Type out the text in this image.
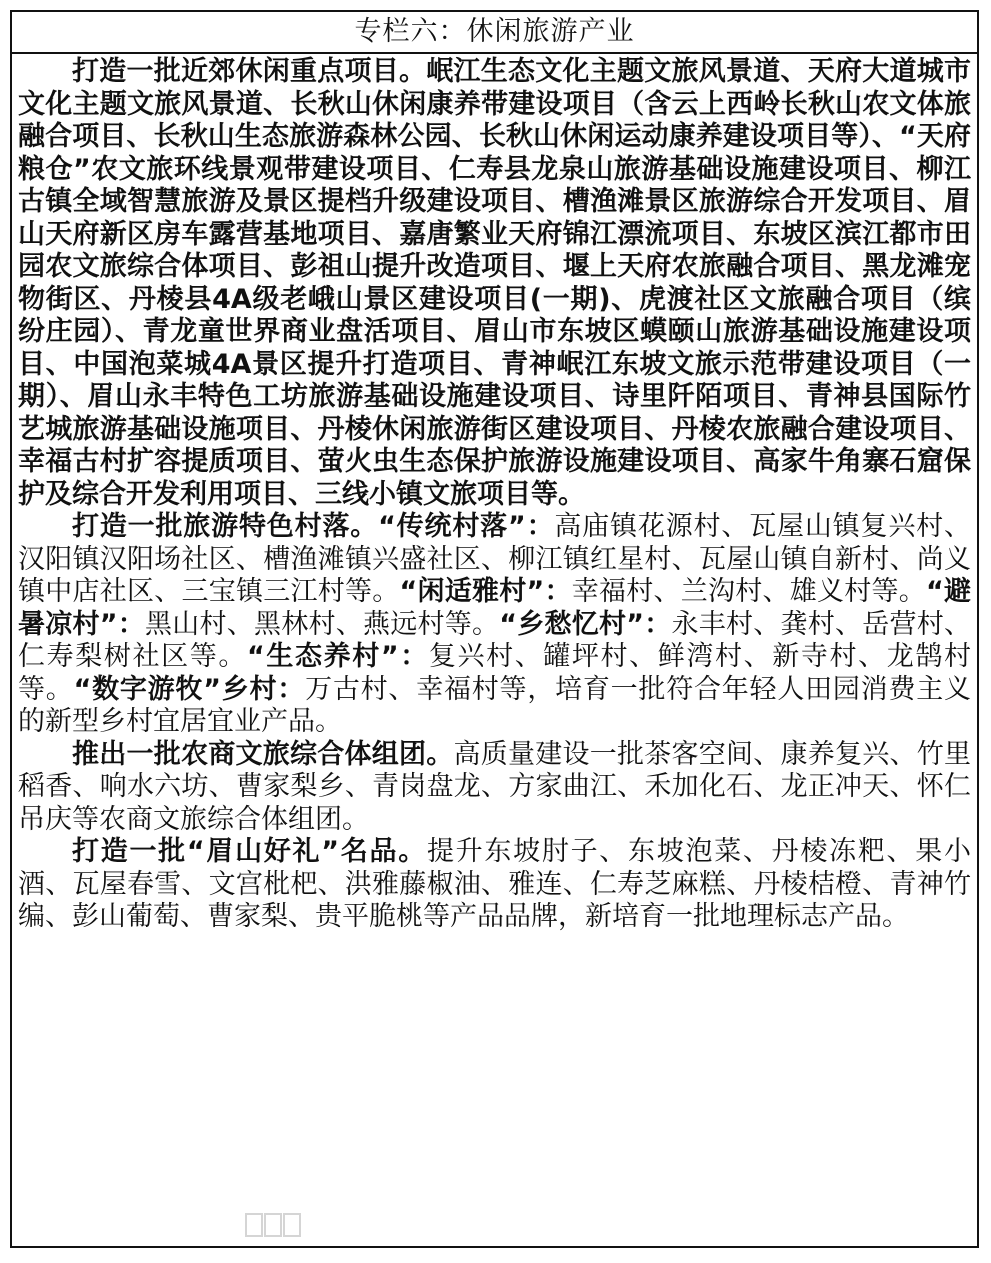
专栏六：休闲旅游产业

打造一批近郊休闲重点项目。岷江生态文化主题文旅风景道、天府大道城市文化主题文旅风景道、长秋山休闲康养带建设项目（含云上西岭长秋山农文体旅融合项目、长秋山生态旅游森林公园、长秋山休闲运动康养建设项目等）、“天府粮仓”农文旅环线景观带建设项目、仁寿县龙泉山旅游基础设施建设项目、柳江古镇全域智慧旅游及景区提档升级建设项目、槽渔滩景区旅游综合开发项目、眉山天府新区房车露营基地项目、嘉唐繁业天府锦江漂流项目、东坡区滨江都市田园农文旅综合体项目、彭祖山提升改造项目、堰上天府农旅融合项目、黑龙滩宠物街区、丹棱县4A级老峨山景区建设项目(一期)、虎渡社区文旅融合项目（缤纷庄园）、青龙童世界商业盘活项目、眉山市东坡区蟆颐山旅游基础设施建设项目、中国泡菜城4A景区提升打造项目、青神岷江东坡文旅示范带建设项目（一期）、眉山永丰特色工坊旅游基础设施建设项目、诗里阡陌项目、青神县国际竹艺城旅游基础设施项目、丹棱休闲旅游街区建设项目、丹棱农旅融合建设项目、幸福古村扩容提质项目、萤火虫生态保护旅游设施建设项目、高家牛角寨石窟保护及综合开发利用项目、三线小镇文旅项目等。

打造一批旅游特色村落。“传统村落”：高庙镇花源村、瓦屋山镇复兴村、汉阳镇汉阳场社区、槽渔滩镇兴盛社区、柳江镇红星村、瓦屋山镇自新村、尚义镇中店社区、三宝镇三江村等。“闲适雅村”：幸福村、兰沟村、雄义村等。“避暑凉村”：黑山村、黑林村、燕远村等。“乡愁忆村”：永丰村、龚村、岳营村、仁寿梨树社区等。“生态养村”：复兴村、罐坪村、鲜湾村、新寺村、龙鹄村等。“数字游牧”乡村：万古村、幸福村等，培育一批符合年轻人田园消费主义的新型乡村宜居宜业产品。

推出一批农商文旅综合体组团。高质量建设一批茶客空间、康养复兴、竹里稻香、响水六坊、曹家梨乡、青岗盘龙、方家曲江、禾加化石、龙正冲天、怀仁吊庆等农商文旅综合体组团。

打造一批“眉山好礼”名品。提升东坡肘子、东坡泡菜、丹棱冻粑、果小酒、瓦屋春雪、文宫枇杷、洪雅藤椒油、雅连、仁寿芝麻糕、丹棱桔橙、青神竹编、彭山葡萄、曹家梨、贵平脆桃等产品品牌，新培育一批地理标志产品。
